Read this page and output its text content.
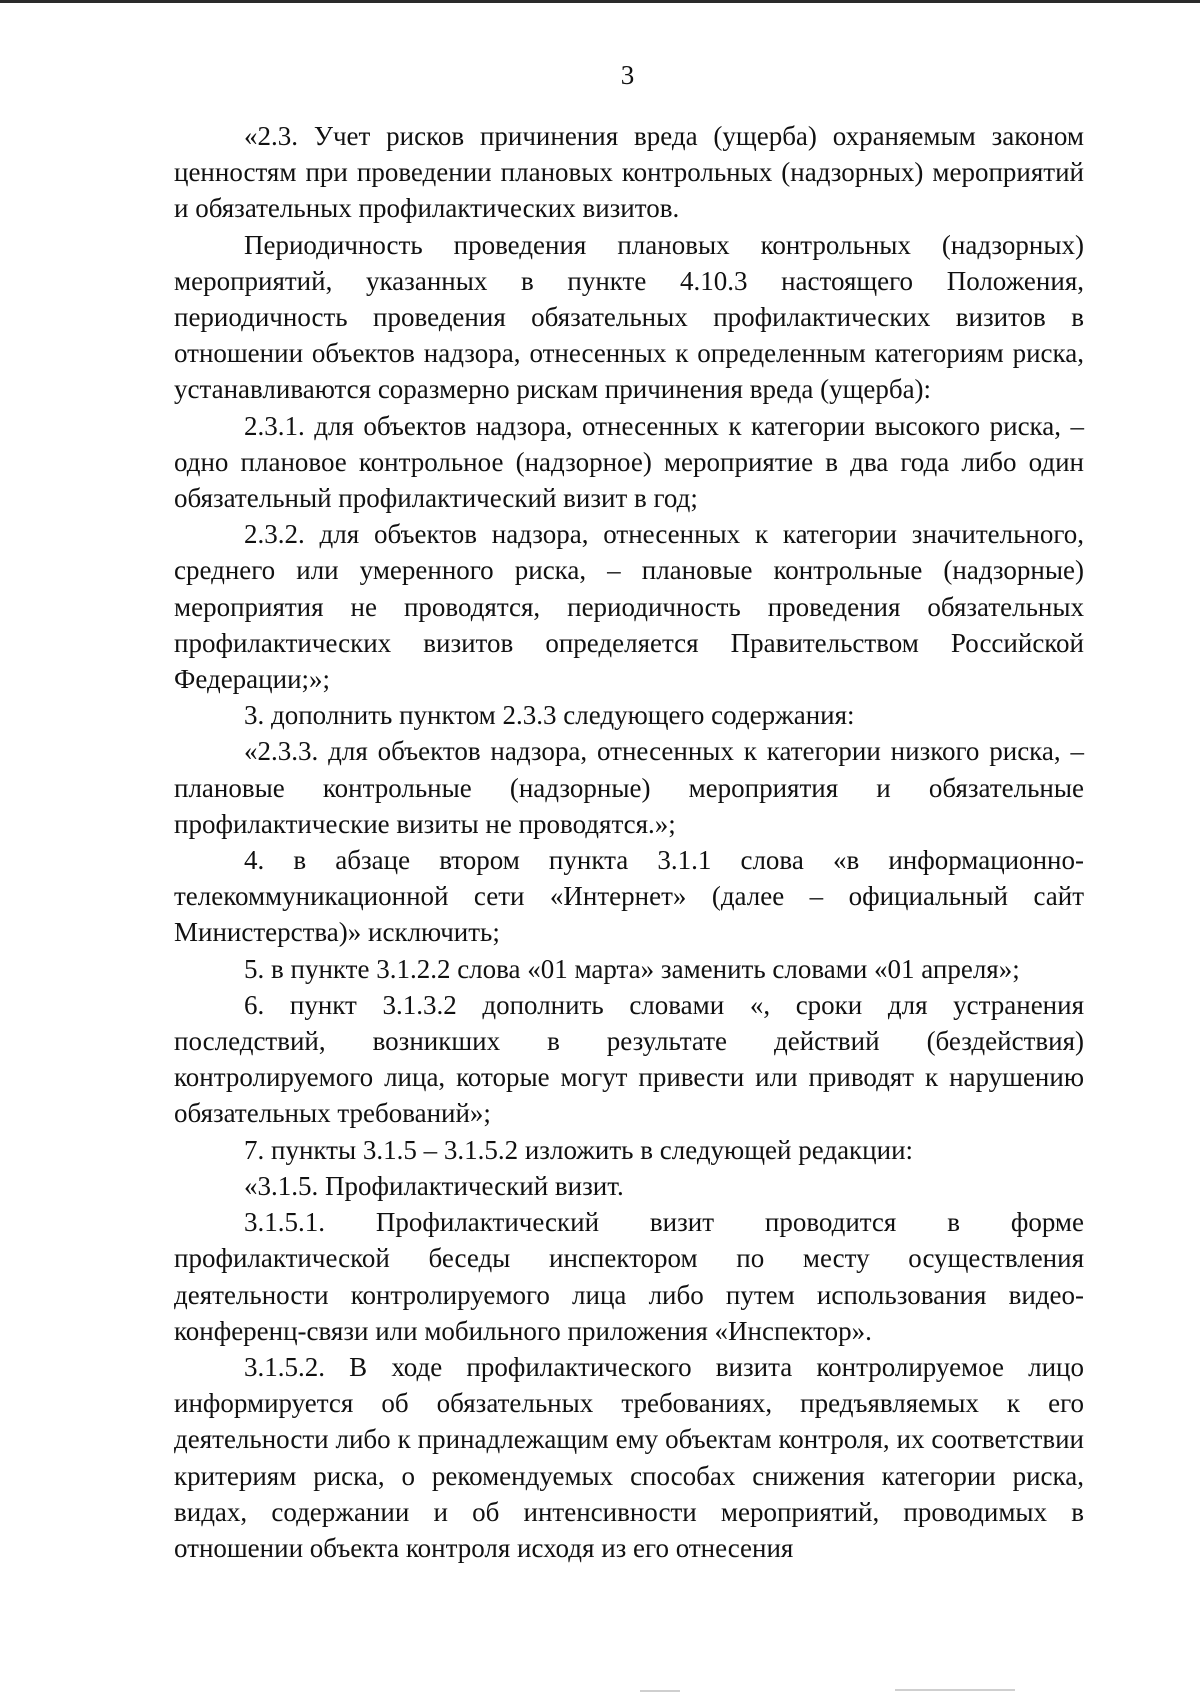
3

«2.3. Учет рисков причинения вреда (ущерба) охраняемым законом ценностям при проведении плановых контрольных (надзорных) мероприятий и обязательных профилактических визитов.

Периодичность проведения плановых контрольных (надзорных) мероприятий, указанных в пункте 4.10.3 настоящего Положения, периодичность проведения обязательных профилактических визитов в отношении объектов надзора, отнесенных к определенным категориям риска, устанавливаются соразмерно рискам причинения вреда (ущерба):

2.3.1. для объектов надзора, отнесенных к категории высокого риска, – одно плановое контрольное (надзорное) мероприятие в два года либо один обязательный профилактический визит в год;

2.3.2. для объектов надзора, отнесенных к категории значительного, среднего или умеренного риска, – плановые контрольные (надзорные) мероприятия не проводятся, периодичность проведения обязательных профилактических визитов определяется Правительством Российской Федерации;»;

3. дополнить пунктом 2.3.3 следующего содержания:

«2.3.3. для объектов надзора, отнесенных к категории низкого риска, – плановые контрольные (надзорные) мероприятия и обязательные профилактические визиты не проводятся.»;

4. в абзаце втором пункта 3.1.1 слова «в информационно-телекоммуникационной сети «Интернет» (далее – официальный сайт Министерства)» исключить;

5. в пункте 3.1.2.2 слова «01 марта» заменить словами «01 апреля»;

6. пункт 3.1.3.2 дополнить словами «, сроки для устранения последствий, возникших в результате действий (бездействия) контролируемого лица, которые могут привести или приводят к нарушению обязательных требований»;

7. пункты 3.1.5 – 3.1.5.2 изложить в следующей редакции:

«3.1.5. Профилактический визит.

3.1.5.1. Профилактический визит проводится в форме профилактической беседы инспектором по месту осуществления деятельности контролируемого лица либо путем использования видео-конференц-связи или мобильного приложения «Инспектор».

3.1.5.2. В ходе профилактического визита контролируемое лицо информируется об обязательных требованиях, предъявляемых к его деятельности либо к принадлежащим ему объектам контроля, их соответствии критериям риска, о рекомендуемых способах снижения категории риска, видах, содержании и об интенсивности мероприятий, проводимых в отношении объекта контроля исходя из его отнесения
